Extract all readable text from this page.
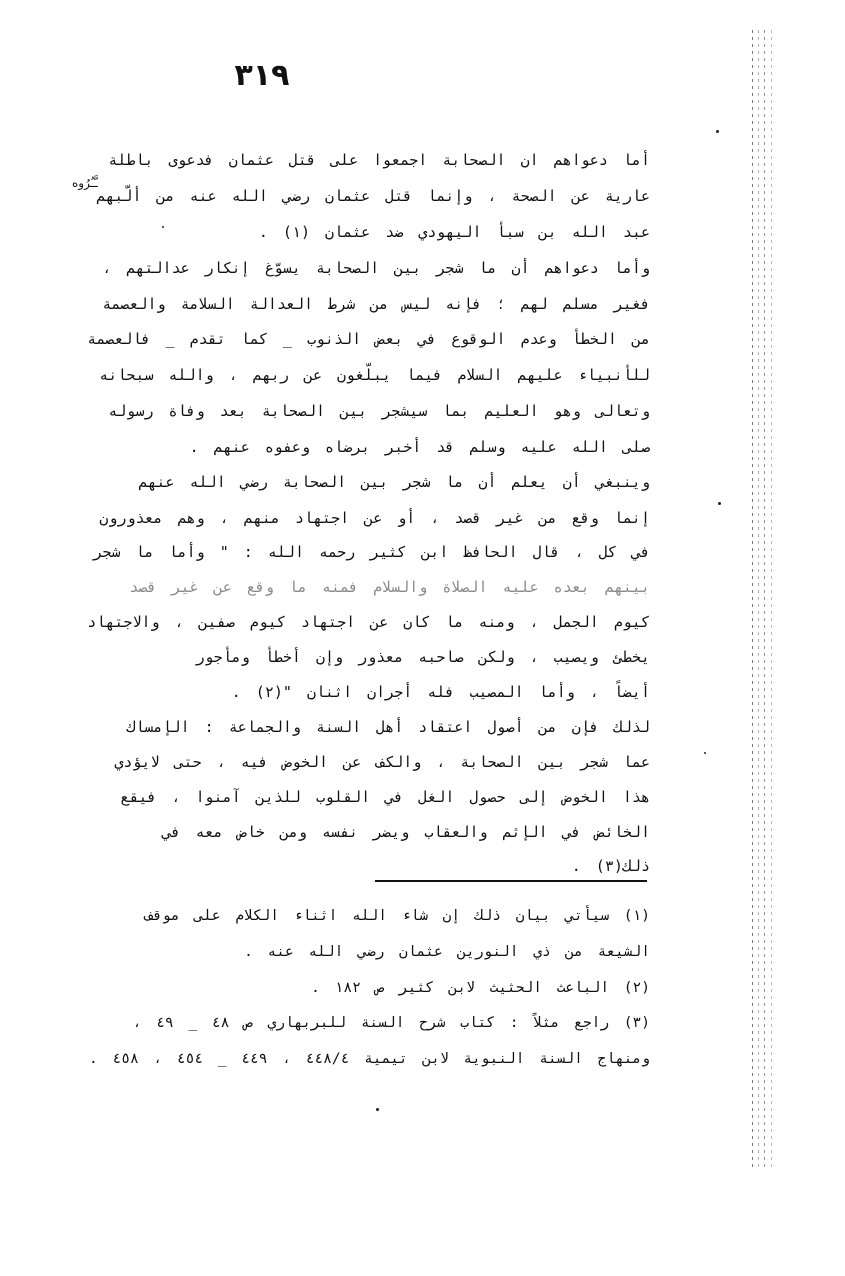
٣١٩
ـَّـُرُوه
أما دعواهم ان الصحابة اجمعوا على قتل عثمان فدعوى باطلة
عارية عن الصحة ، وإنما قتل عثمان رضي الله عنه من ألّبهم
عبد الله بن سبأ اليهودي ضد عثمان (١) .
وأما دعواهم أن ما شجر بين الصحابة يسوّغ إنكار عدالتهم ،
فغير مسلم لهم ؛ فإنه ليس من شرط العدالة السلامة والعصمة
من الخطأ وعدم الوقوع في بعض الذنوب _ كما تقدم _ فالعصمة
للأنبياء عليهم السلام فيما يبلّغون عن ربهم ، والله سبحانه
وتعالى وهو العليم بما سيشجر بين الصحابة بعد وفاة رسوله
صلى الله عليه وسلم قد أخبر برضاه وعفوه عنهم .
وينبغي أن يعلم أن ما شجر بين الصحابة رضي الله عنهم
إنما وقع من غير قصد ، أو عن اجتهاد منهم ، وهم معذورون
في كل ، قال الحافظ ابن كثير رحمه الله : " وأما ما شجر
بينهم بعده عليه الصلاة والسلام فمنه ما وقع عن غير قصد
كيوم الجمل ، ومنه ما كان عن اجتهاد كيوم صفين ، والاجتهاد
يخطئ ويصيب ، ولكن صاحبه معذور وإن أخطأ ومأجور
أيضاً ، وأما المصيب فله أجران اثنان "(٢) .
لذلك فإن من أصول اعتقاد أهل السنة والجماعة : الإمساك
عما شجر بين الصحابة ، والكف عن الخوض فيه ، حتى لايؤدي
هذا الخوض إلى حصول الغل في القلوب للذين آمنوا ، فيقع
الخائض في الإثم والعقاب ويضر نفسه ومن خاض معه في
ذلك(٣) .
(١) سيأتي بيان ذلك إن شاء الله اثناء الكلام على موقف
الشيعة من ذي النورين عثمان رضي الله عنه .
(٢) الباعث الحثيث لابن كثير ص ١٨٢ .
(٣) راجع مثلاً : كتاب شرح السنة للبربهاري ص ٤٨ _ ٤٩ ،
ومنهاج السنة النبوية لابن تيمية ٤٤٨/٤ ، ٤٤٩ _ ٤٥٤ ، ٤٥٨ .
